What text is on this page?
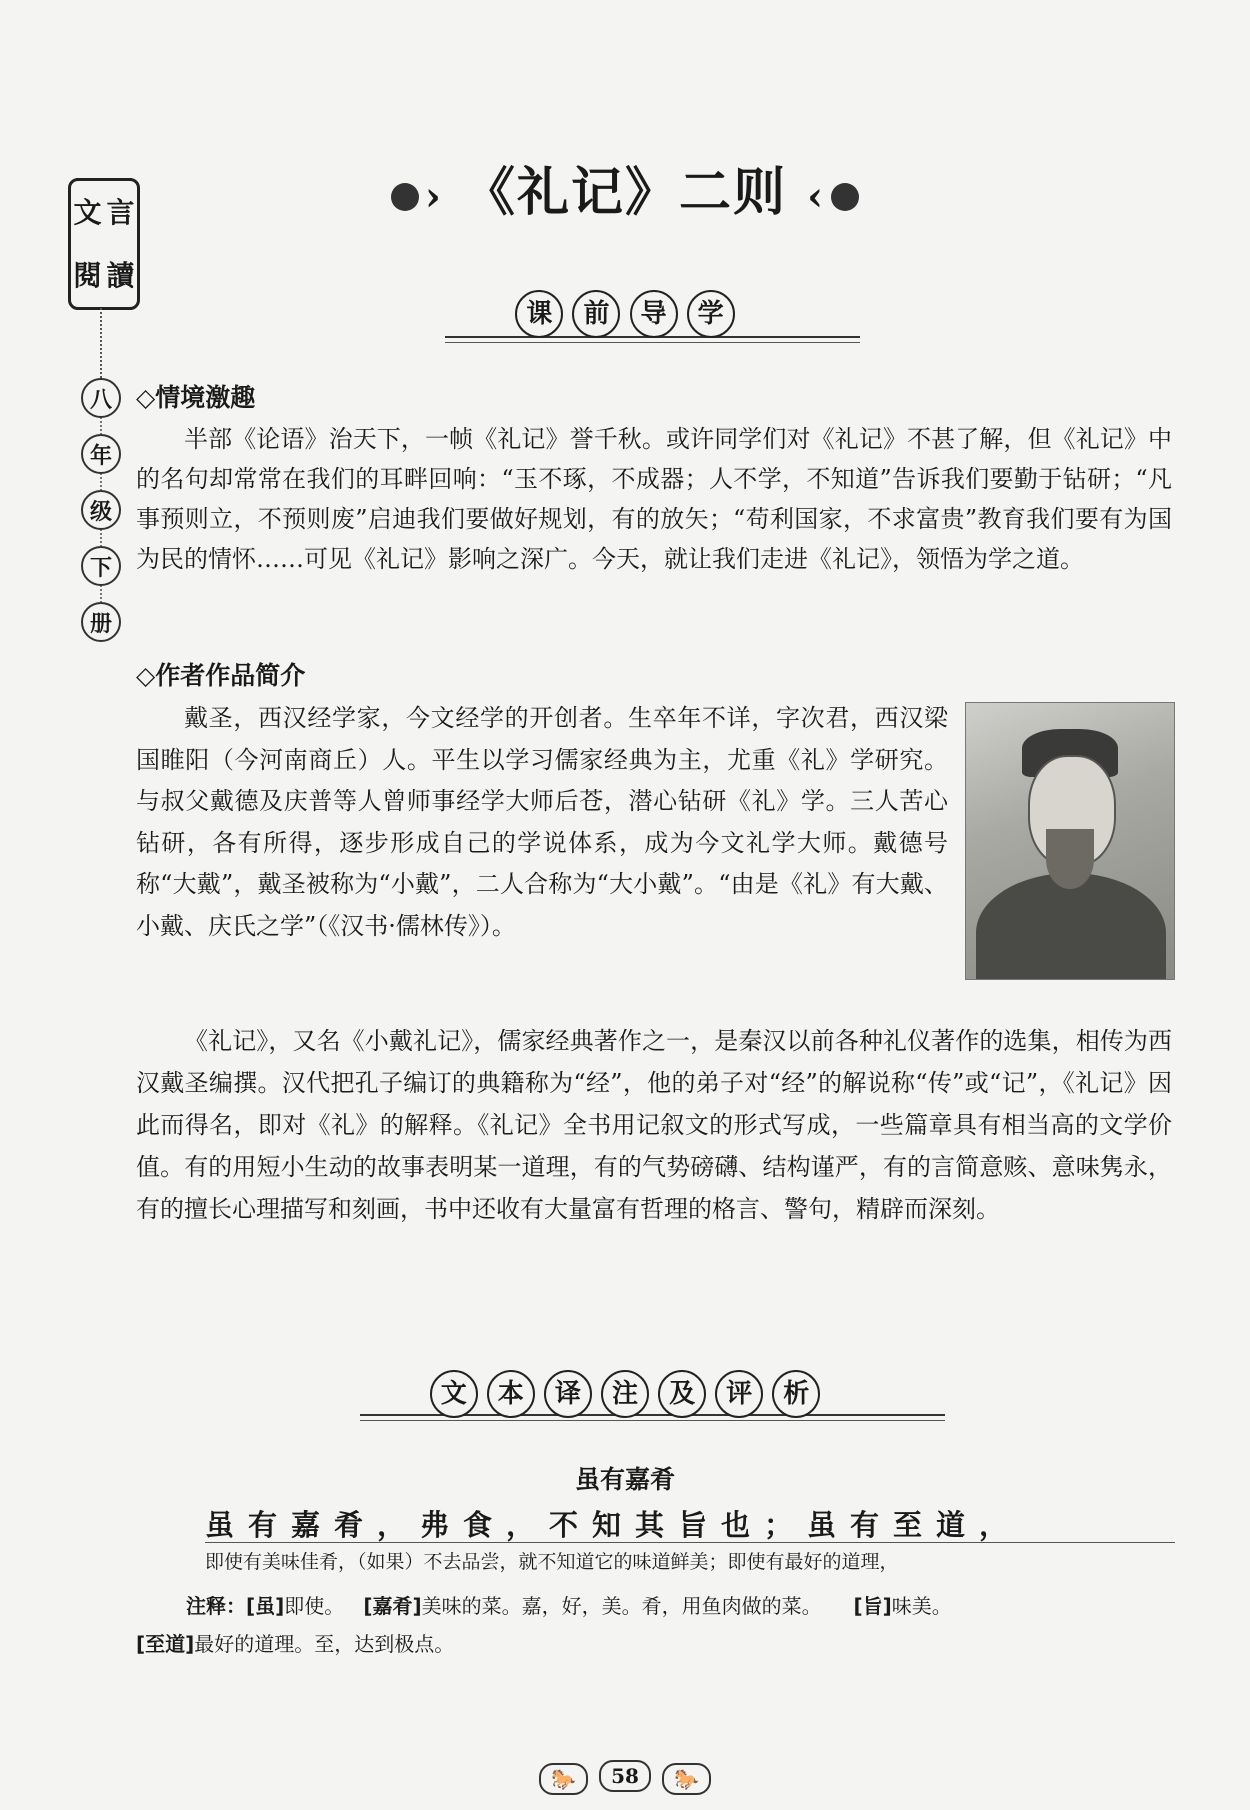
文 言
閱 讀
八
年
级
下
册
› 《礼记》二则 ‹
课 前 导 学
◇情境激趣
半部《论语》治天下，一帧《礼记》誉千秋。或许同学们对《礼记》不甚了解，但《礼记》中的名句却常常在我们的耳畔回响：“玉不琢，不成器；人不学，不知道”告诉我们要勤于钻研；“凡事预则立，不预则废”启迪我们要做好规划，有的放矢；“苟利国家，不求富贵”教育我们要有为国为民的情怀……可见《礼记》影响之深广。今天，就让我们走进《礼记》，领悟为学之道。
◇作者作品简介
戴圣，西汉经学家，今文经学的开创者。生卒年不详，字次君，西汉梁国睢阳（今河南商丘）人。平生以学习儒家经典为主，尤重《礼》学研究。与叔父戴德及庆普等人曾师事经学大师后苍，潜心钻研《礼》学。三人苦心钻研，各有所得，逐步形成自己的学说体系，成为今文礼学大师。戴德号称“大戴”，戴圣被称为“小戴”，二人合称为“大小戴”。“由是《礼》有大戴、小戴、庆氏之学”（《汉书·儒林传》）。
《礼记》，又名《小戴礼记》，儒家经典著作之一，是秦汉以前各种礼仪著作的选集，相传为西汉戴圣编撰。汉代把孔子编订的典籍称为“经”，他的弟子对“经”的解说称“传”或“记”，《礼记》因此而得名，即对《礼》的解释。《礼记》全书用记叙文的形式写成，一些篇章具有相当高的文学价值。有的用短小生动的故事表明某一道理，有的气势磅礴、结构谨严，有的言简意赅、意味隽永，有的擅长心理描写和刻画，书中还收有大量富有哲理的格言、警句，精辟而深刻。
文 本 译 注 及 评 析
虽有嘉肴
虽有嘉肴，弗食，不知其旨也；虽有至道，
即使有美味佳肴，（如果）不去品尝，就不知道它的味道鲜美；即使有最好的道理，
注释：[虽]即使。 [嘉肴]美味的菜。嘉，好，美。肴，用鱼肉做的菜。 [旨]味美。
[至道]最好的道理。至，达到极点。
🐎 58 🐎
